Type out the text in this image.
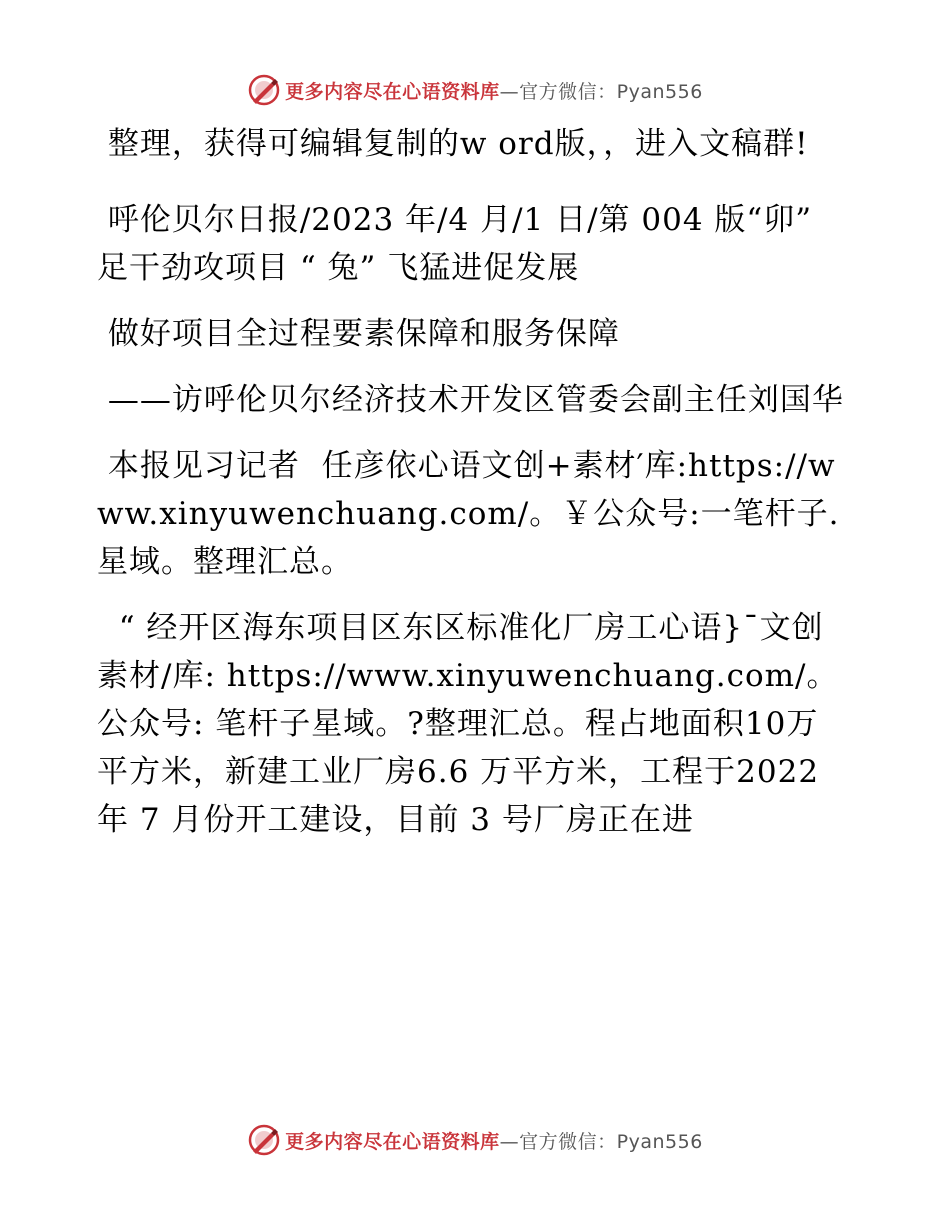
更多内容尽在心语资料库—官方微信：Pyan556

整理，获得可编辑复制的w ord版，，进入文稿群!

呼伦贝尔日报/2023 年/4 月/1 日/第 004 版“卯” 足干劲攻项目 “ 兔” 飞猛进促发展

做好项目全过程要素保障和服务保障

——访呼伦贝尔经济技术开发区管委会副主任刘国华

本报见习记者  任彦依心语文创+素材′库:https://www.xinyuwenchuang.com/。￥公众号:一笔杆子.星域。整理汇总。

“ 经开区海东项目区东区标准化厂房工心语}¯文创素材/库: https://www.xinyuwenchuang.com/。公众号: 笔杆子星域。?整理汇总。程占地面积10万平方米，新建工业厂房6.6 万平方米，工程于2022 年 7 月份开工建设，目前 3 号厂房正在进

更多内容尽在心语资料库—官方微信：Pyan556
